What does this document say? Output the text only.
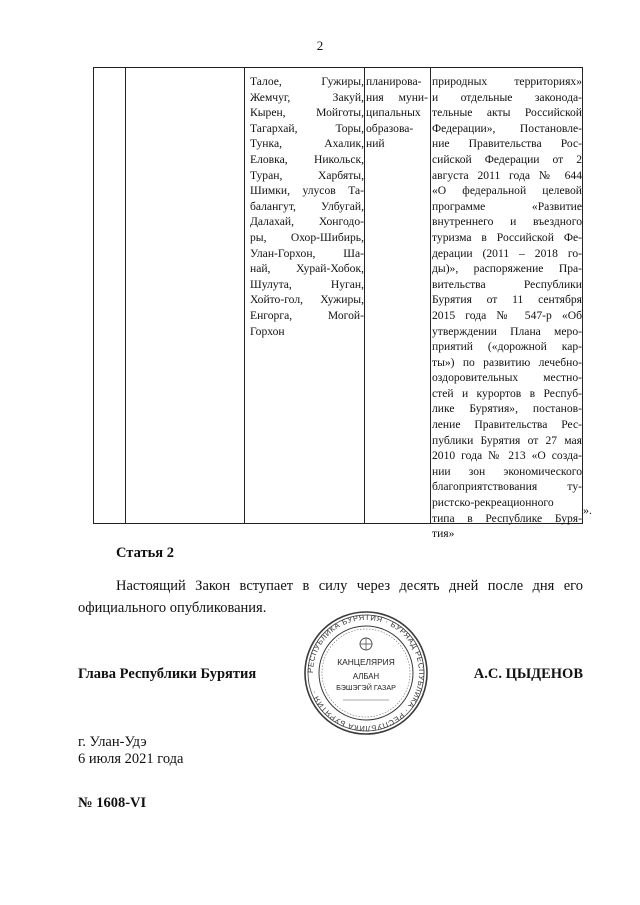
2
Талое, Гужиры,
Жемчуг, Закуй,
Кырен, Мойготы,
Тагархай, Торы,
Тунка, Ахалик,
Еловка, Никольск,
Туран, Харбяты,
Шимки, улусов Та-
балангут, Улбугай,
Далахай, Хонгодо-
ры, Охор-Шибирь,
Улан-Горхон, Ша-
най, Хурай-Хобок,
Шулута, Нуган,
Хойто-гол, Хужиры,
Енгорга, Могой-
Горхон
планирова-
ния муни-
ципальных
образова-
ний
природных территориях»
и отдельные законода-
тельные акты Российской
Федерации», Постановле-
ние Правительства Рос-
сийской Федерации от 2
августа 2011 года № 644
«О федеральной целевой
программе «Развитие
внутреннего и въездного
туризма в Российской Фе-
дерации (2011 – 2018 го-
ды)», распоряжение Пра-
вительства Республики
Бурятия от 11 сентября
2015 года № 547-р «Об
утверждении Плана меро-
приятий («дорожной кар-
ты») по развитию лечебно-
оздоровительных местно-
стей и курортов в Респуб-
лике Бурятия», постанов-
ление Правительства Рес-
публики Бурятия от 27 мая
2010 года № 213 «О созда-
нии зон экономического
благоприятствования ту-
ристско-рекреационного
типа в Республике Буря-
тия»
».
Статья 2
Настоящий Закон вступает в силу через десять дней после дня его официального опубликования.
Глава Республики Бурятия	А.С. ЦЫДЕНОВ
РЕСПУБЛИКА БУРЯТИЯ · БУРЯАД РЕСПУБЛИКА · РЕСПУБЛИКА БУРЯТИЯ ·
КАНЦЕЛЯРИЯ
АЛБАН
БЭШЭГЭЙ ГАЗАР
г. Улан-Удэ
6 июля 2021 года
№ 1608-VI
